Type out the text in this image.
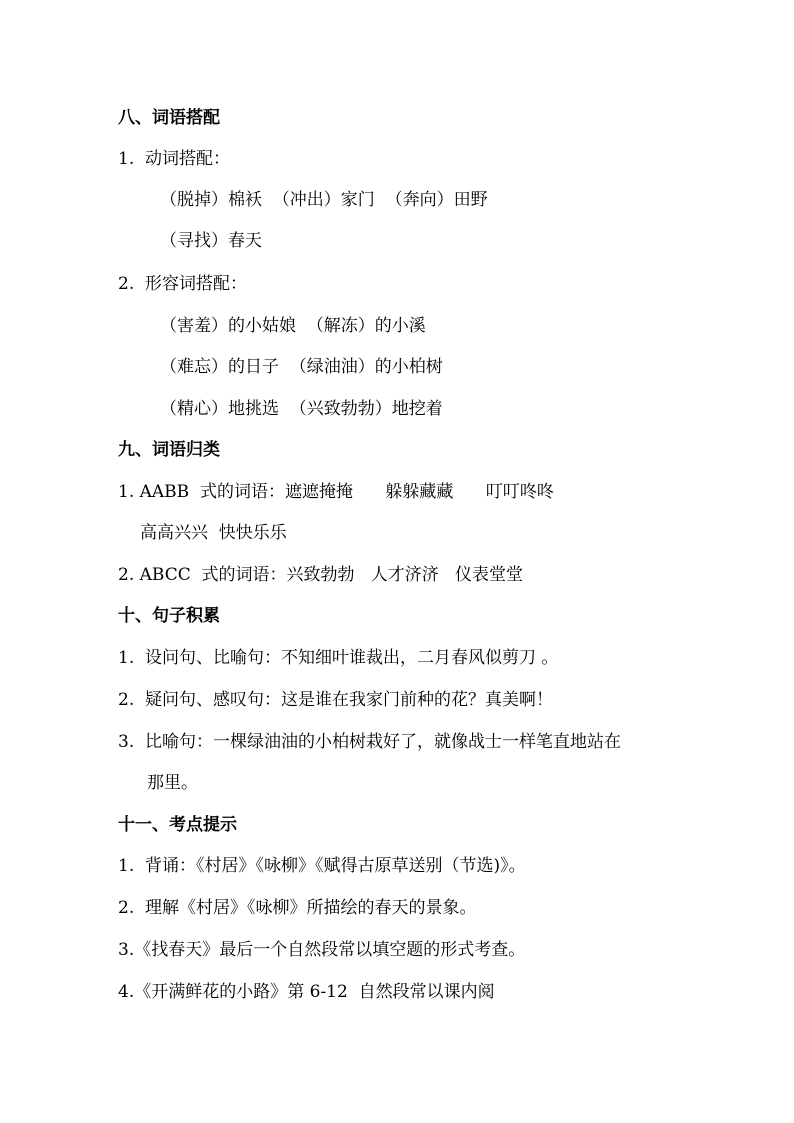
八、词语搭配
1.  动词搭配：
（脱掉）棉袄  （冲出）家门  （奔向）田野
（寻找）春天
2.  形容词搭配：
（害羞）的小姑娘  （解冻）的小溪
（难忘）的日子  （绿油油）的小柏树
（精心）地挑选  （兴致勃勃）地挖着
九、词语归类
1. AABB  式的词语：遮遮掩掩      躲躲藏藏      叮叮咚咚
高高兴兴  快快乐乐
2. ABCC  式的词语：兴致勃勃   人才济济   仪表堂堂
十、句子积累
1.  设问句、比喻句：不知细叶谁裁出，二月春风似剪刀 。
2.  疑问句、感叹句：这是谁在我家门前种的花？真美啊！
3.  比喻句：一棵绿油油的小柏树栽好了，就像战士一样笔直地站在
那里。
十一、考点提示
1.  背诵：《村居》《咏柳》《赋得古原草送别（节选)》。
2.  理解《村居》《咏柳》所描绘的春天的景象。
3.《找春天》最后一个自然段常以填空题的形式考查。
4.《开满鲜花的小路》第 6-12  自然段常以课内阅
